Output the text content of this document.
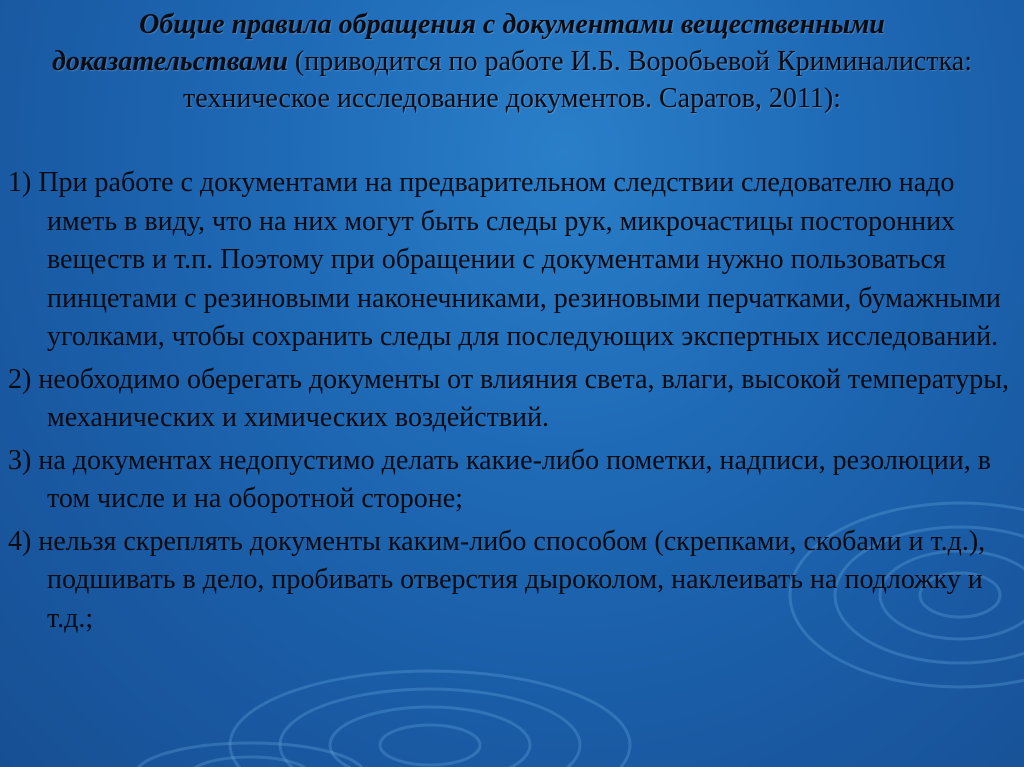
Общие правила обращения с документами вещественными доказательствами (приводится по работе И.Б. Воробьевой Криминалистка: техническое исследование документов. Саратов, 2011):
1) При работе с документами на предварительном следствии следователю надо иметь в виду, что на них могут быть следы рук, микрочастицы посторонних веществ и т.п. Поэтому при обращении с документами нужно пользоваться пинцетами с резиновыми наконечниками, резиновыми перчатками, бумажными уголками, чтобы сохранить следы для последующих экспертных исследований.
2) необходимо оберегать документы от влияния света, влаги, высокой температуры, механических и химических воздействий.
3) на документах недопустимо делать какие-либо пометки, надписи, резолюции, в том числе и на оборотной стороне;
4) нельзя скреплять документы каким-либо способом (скрепками, скобами и т.д.), подшивать в дело, пробивать отверстия дыроколом, наклеивать на подложку и т.д.;
